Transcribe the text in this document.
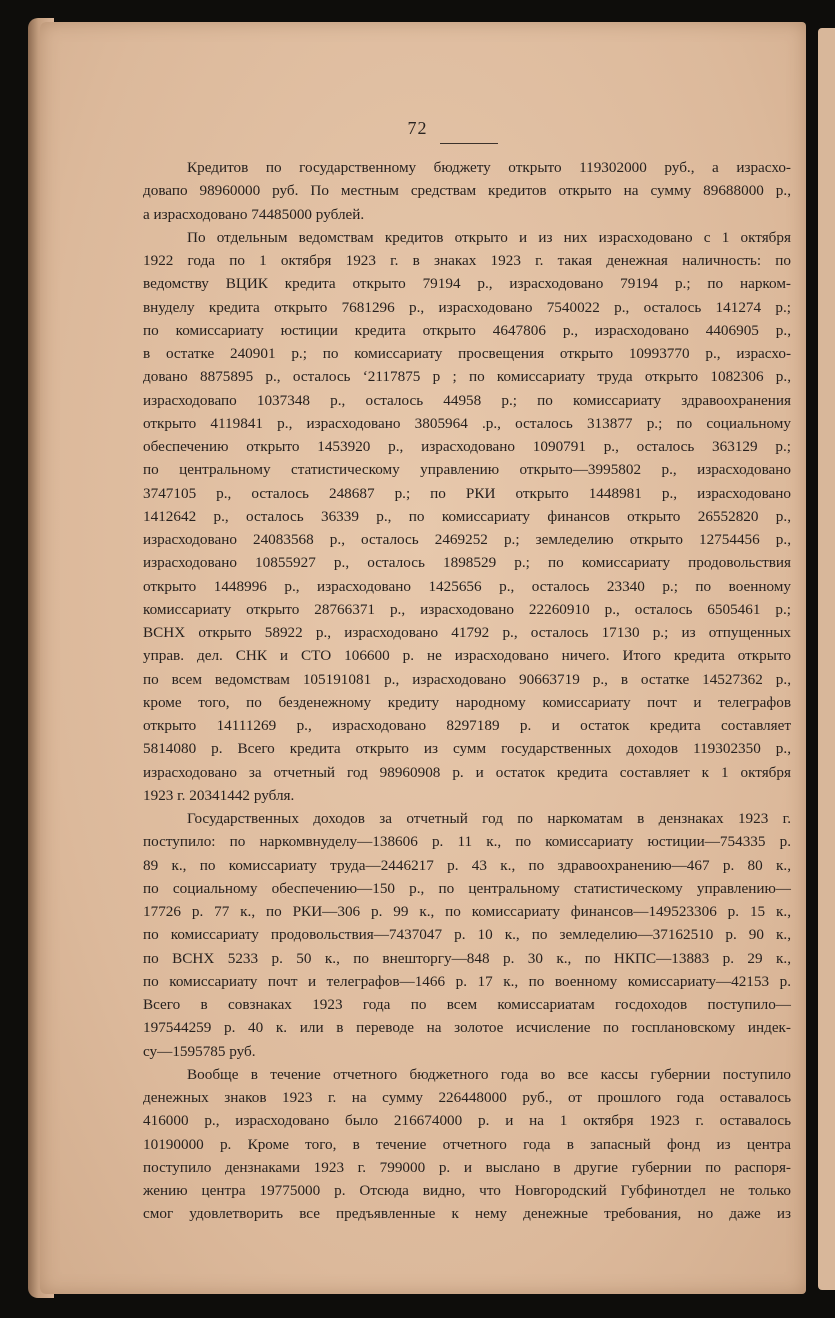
72

Кредитов по государственному бюджету открыто 119302000 руб., а израсхо-

довапо 98960000 руб. По местным средствам кредитов открыто на сумму 89688000 р.,

а израсходовано 74485000 рублей.

По отдельным ведомствам кредитов открыто и из них израсходовано с 1 октября

1922 года по 1 октября 1923 г. в знаках 1923 г. такая денежная наличность: по

ведомству ВЦИК кредита открыто 79194 р., израсходовано 79194 р.; по нарком-

внуделу кредита открыто 7681296 р., израсходовано 7540022 р., осталось 141274 р.;

по комиссариату юстиции кредита открыто 4647806 р., израсходовано 4406905 р.,

в остатке 240901 р.; по комиссариату просвещения открыто 10993770 р., израсхо-

довано 8875895 р., осталось ‘2117875 р ; по комиссариату труда открыто 1082306 р.,

израсходовапо 1037348 р., осталось 44958 р.; по комиссариату здравоохранения

открыто 4119841 р., израсходовано 3805964 .р., осталось 313877 р.; по социальному

обеспечению открыто 1453920 р., израсходовано 1090791 р., осталось 363129 р.;

по центральному статистическому управлению открыто—3995802 р., израсходовано

3747105 р., осталось 248687 р.; по РКИ открыто 1448981 р., израсходовано

1412642 р., осталось 36339 р., по комиссариату финансов открыто 26552820 р.,

израсходовано 24083568 р., осталось 2469252 р.; земледелию открыто 12754456 р.,

израсходовано 10855927 р., осталось 1898529 р.; по комиссариату продовольствия

открыто 1448996 р., израсходовано 1425656 р., осталось 23340 р.; по военному

комиссариату открыто 28766371 р., израсходовано 22260910 р., осталось 6505461 р.;

ВСНХ открыто 58922 р., израсходовано 41792 р., осталось 17130 р.; из отпущенных

управ. дел. СНК и СТО 106600 р. не израсходовано ничего. Итого кредита открыто

по всем ведомствам 105191081 р., израсходовано 90663719 р., в остатке 14527362 р.,

кроме того, по безденежному кредиту народному комиссариату почт и телеграфов

открыто 14111269 р., израсходовано 8297189 р. и остаток кредита составляет

5814080 р. Всего кредита открыто из сумм государственных доходов 119302350 р.,

израсходовано за отчетный год 98960908 р. и остаток кредита составляет к 1 октября

1923 г. 20341442 рубля.

Государственных доходов за отчетный год по наркоматам в дензнаках 1923 г.

поступило: по наркомвнуделу—138606 р. 11 к., по комиссариату юстиции—754335 р.

89 к., по комиссариату труда—2446217 р. 43 к., по здравоохранению—467 р. 80 к.,

по социальному обеспечению—150 р., по центральному статистическому управлению—

17726 р. 77 к., по РКИ—306 р. 99 к., по комиссариату финансов—149523306 р. 15 к.,

по комиссариату продовольствия—7437047 р. 10 к., по земледелию—37162510 р. 90 к.,

по ВСНХ 5233 р. 50 к., по внешторгу—848 р. 30 к., по НКПС—13883 р. 29 к.,

по комиссариату почт и телеграфов—1466 р. 17 к., по военному комиссариату—42153 р.

Всего в совзнаках 1923 года по всем комиссариатам госдоходов поступило—

197544259 р. 40 к. или в переводе на золотое исчисление по госплановскому индек-

су—1595785 руб.

Вообще в течение отчетного бюджетного года во все кассы губернии поступило

денежных знаков 1923 г. на сумму 226448000 руб., от прошлого года оставалось

416000 р., израсходовано было 216674000 р. и на 1 октября 1923 г. оставалось

10190000 р. Кроме того, в течение отчетного года в запасный фонд из центра

поступило дензнаками 1923 г. 799000 р. и выслано в другие губернии по распоря-

жению центра 19775000 р. Отсюда видно, что Новгородский Губфинотдел не только

смог удовлетворить все предъявленные к нему денежные требования, но даже из
